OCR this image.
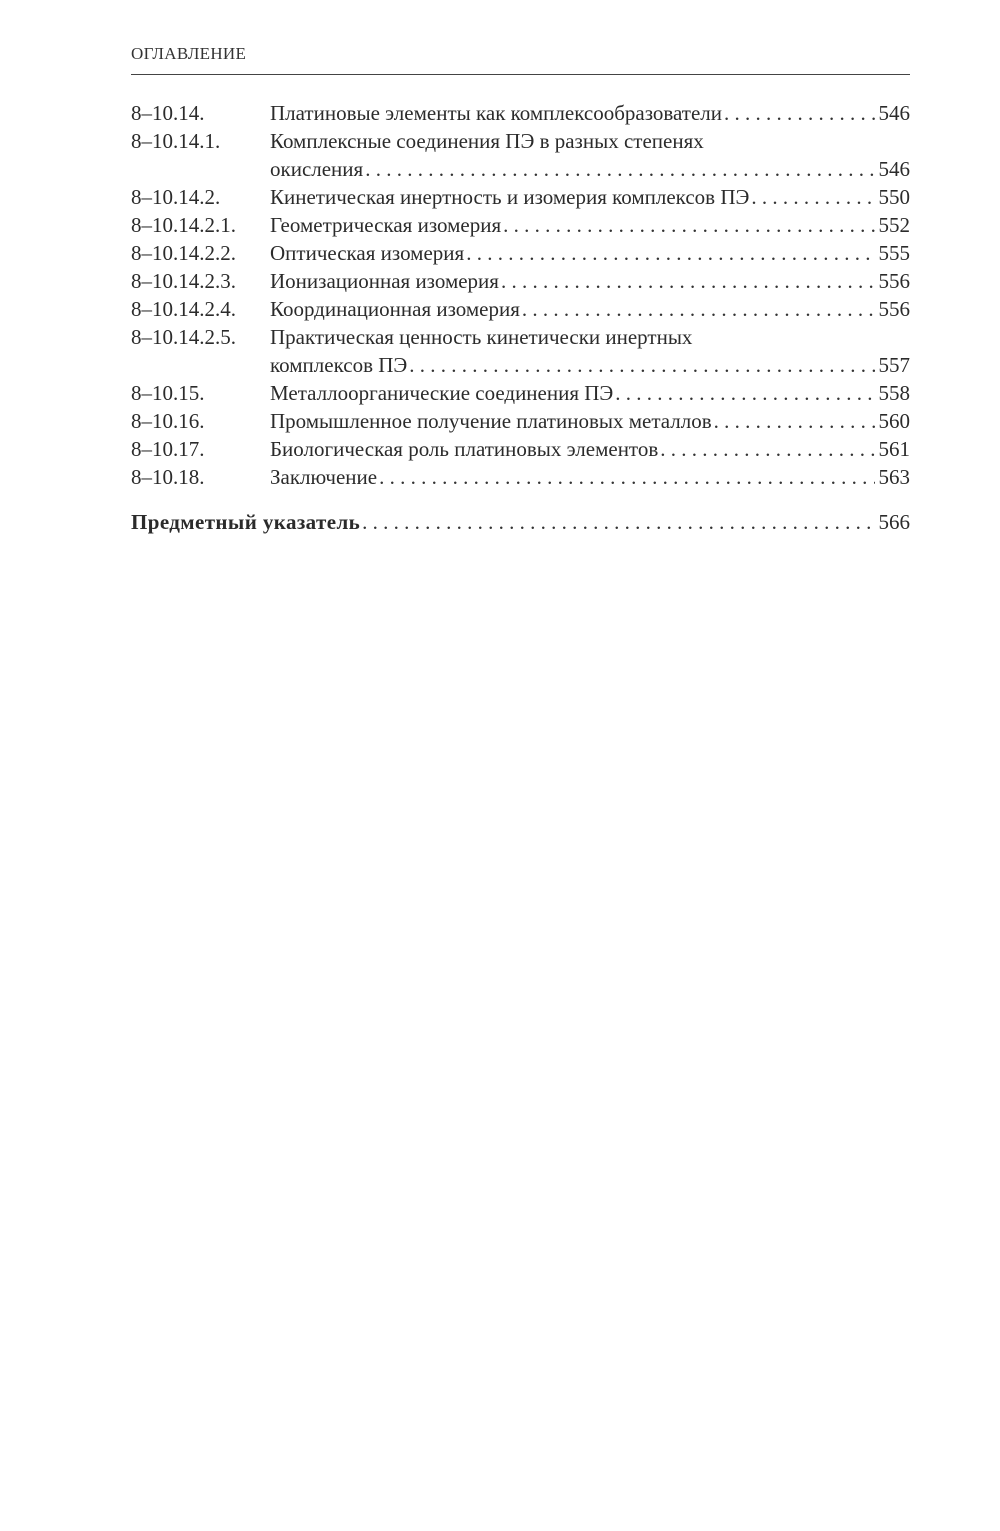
ОГЛАВЛЕНИЕ
8–10.14.	Платиновые элементы как комплексообразователи . . .	546
8–10.14.1.	Комплексные соединения ПЭ в разных степенях
окисления . . .	546
8–10.14.2.	Кинетическая инертность и изомерия комплексов ПЭ . . .	550
8–10.14.2.1.	Геометрическая изомерия . . .	552
8–10.14.2.2.	Оптическая изомерия . . .	555
8–10.14.2.3.	Ионизационная изомерия . . .	556
8–10.14.2.4.	Координационная изомерия . . .	556
8–10.14.2.5.	Практическая ценность кинетически инертных
комплексов ПЭ . . .	557
8–10.15.	Металлоорганические соединения ПЭ . . .	558
8–10.16.	Промышленное получение платиновых металлов . . .	560
8–10.17.	Биологическая роль платиновых элементов . . .	561
8–10.18.	Заключение . . .	563
Предметный указатель . . .	566
